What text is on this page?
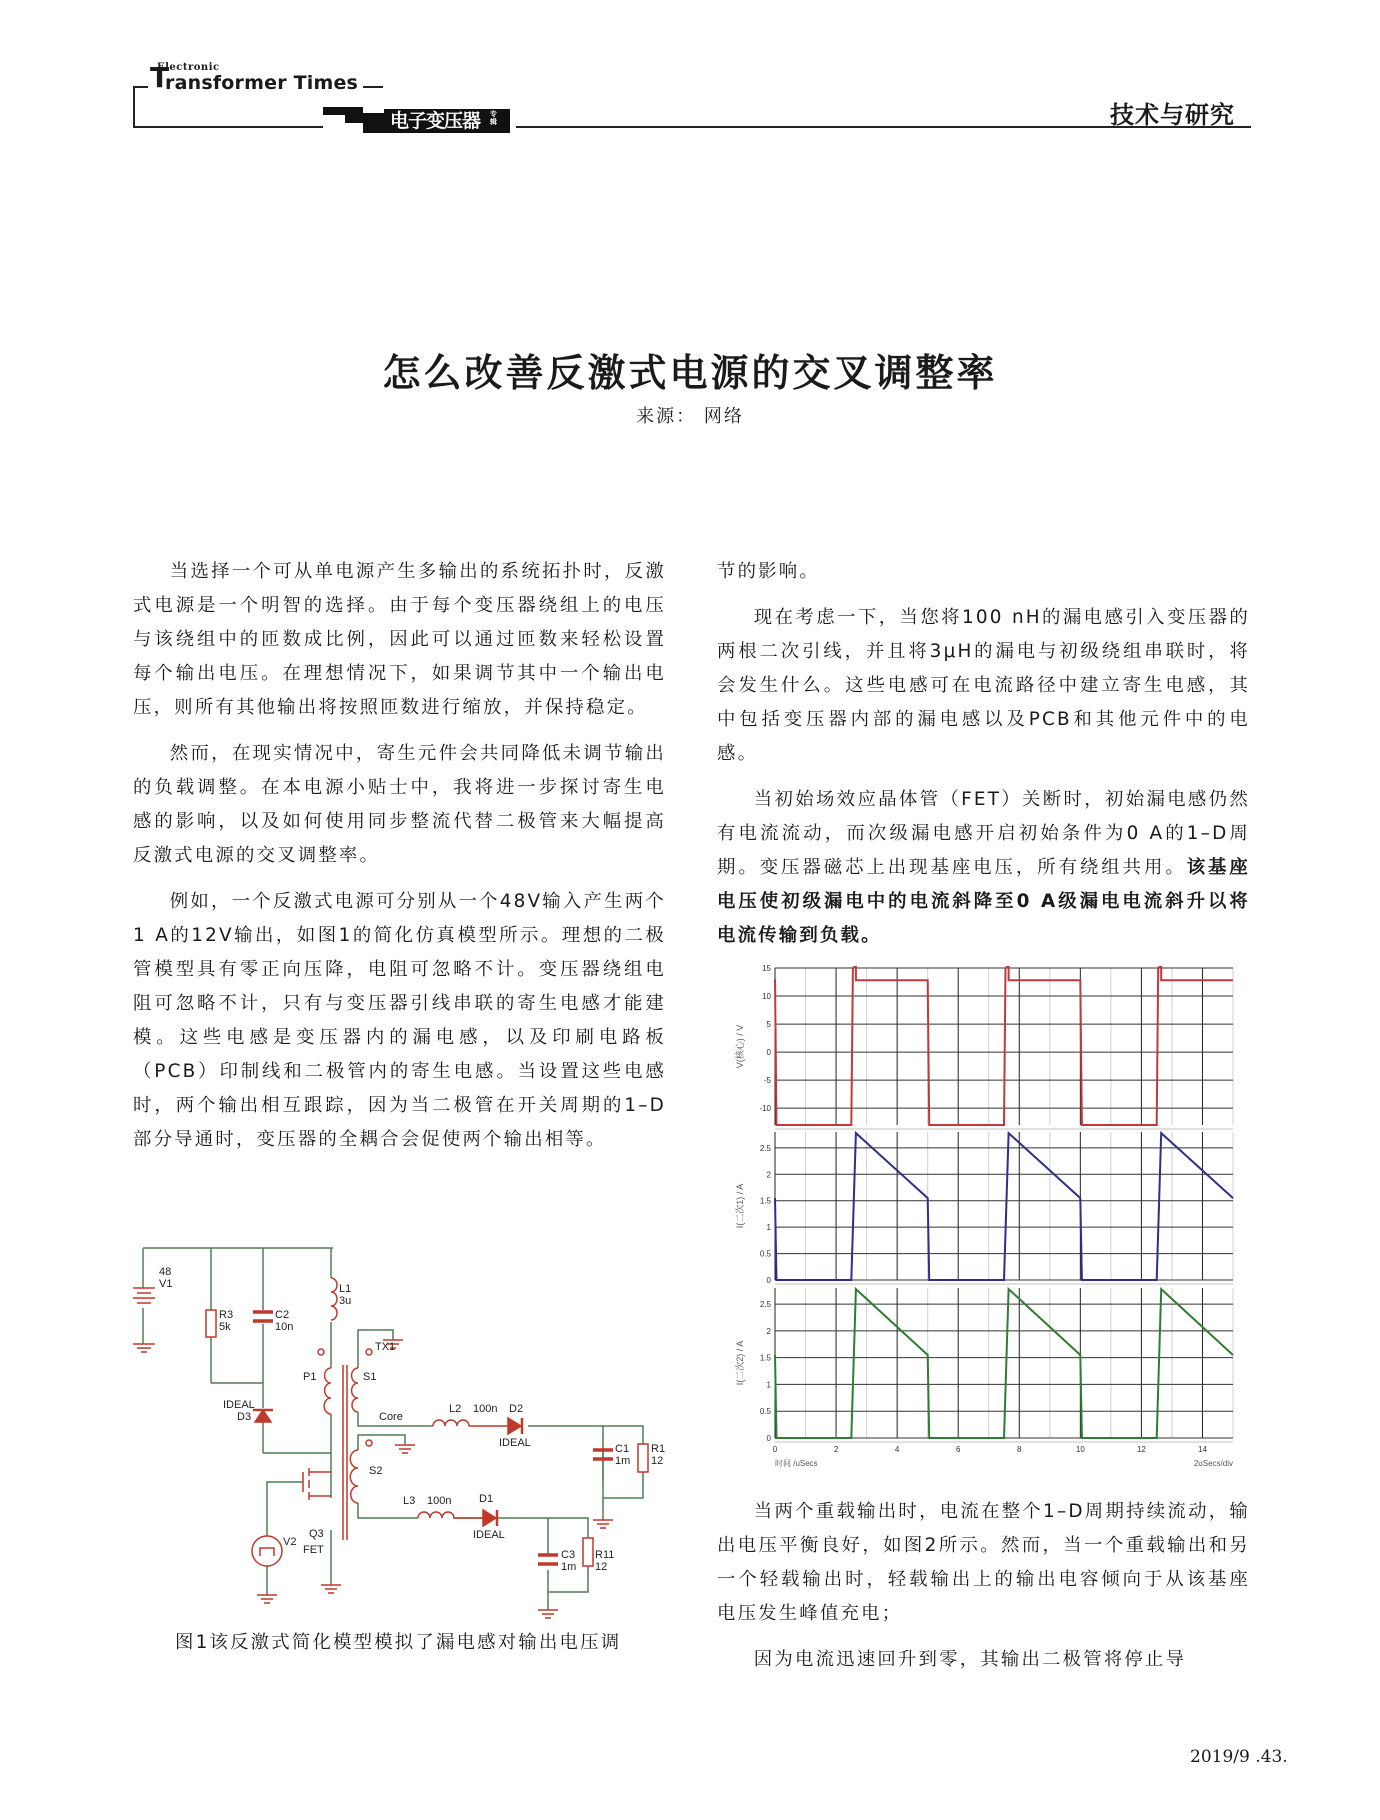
Electronic
T
ransformer Times
电子变压器	专辑	技术与研究
怎么改善反激式电源的交叉调整率
来源： 网络

当选择一个可从单电源产生多输出的系统拓扑时，反激式电源是一个明智的选择。由于每个变压器绕组上的电压与该绕组中的匝数成比例，因此可以通过匝数来轻松设置每个输出电压。在理想情况下，如果调节其中一个输出电压，则所有其他输出将按照匝数进行缩放，并保持稳定。

然而，在现实情况中，寄生元件会共同降低未调节输出的负载调整。在本电源小贴士中，我将进一步探讨寄生电感的影响，以及如何使用同步整流代替二极管来大幅提高反激式电源的交叉调整率。

例如，一个反激式电源可分别从一个48V输入产生两个1 A的12V输出，如图1的简化仿真模型所示。理想的二极管模型具有零正向压降，电阻可忽略不计。变压器绕组电阻可忽略不计，只有与变压器引线串联的寄生电感才能建模。这些电感是变压器内的漏电感，以及印刷电路板（PCB）印制线和二极管内的寄生电感。当设置这些电感时，两个输出相互跟踪，因为当二极管在开关周期的1–D部分导通时，变压器的全耦合会促使两个输出相等。

48
V1
R3
5k
C2
10n
L1
3u
TX1
P1	S1
S2
Core
IDEAL
D3
L2 100n D2
IDEAL	C1
1m
R1
12
V2
Q3
FET
L3 100n	D1
IDEAL
C3
1m
R11
12
图1该反激式简化模型模拟了漏电感对输出电压调

节的影响。

现在考虑一下，当您将100 nH的漏电感引入变压器的两根二次引线，并且将3μH的漏电与初级绕组串联时，将会发生什么。这些电感可在电流路径中建立寄生电感，其中包括变压器内部的漏电感以及PCB和其他元件中的电感。

当初始场效应晶体管（FET）关断时，初始漏电感仍然有电流流动，而次级漏电感开启初始条件为0 A的1–D周期。变压器磁芯上出现基座电压，所有绕组共用。该基座电压使初级漏电中的电流斜降至0 A级漏电电流斜升以将电流传输到负载。

15
10
5
0
-5
-10
V(核心) / V
2.5
2
1.5
1
0.5
0
I(二次1) / A
2.5
2
1.5
1
0.5
0
I(二次2) / A
0	2	4	6	8	10	12	14
时间 /uSecs	2uSecs/div

当两个重载输出时，电流在整个1–D周期持续流动，输出电压平衡良好，如图2所示。然而，当一个重载输出和另一个轻载输出时，轻载输出上的输出电容倾向于从该基座电压发生峰值充电；

因为电流迅速回升到零，其输出二极管将停止导

2019/9 .43.
